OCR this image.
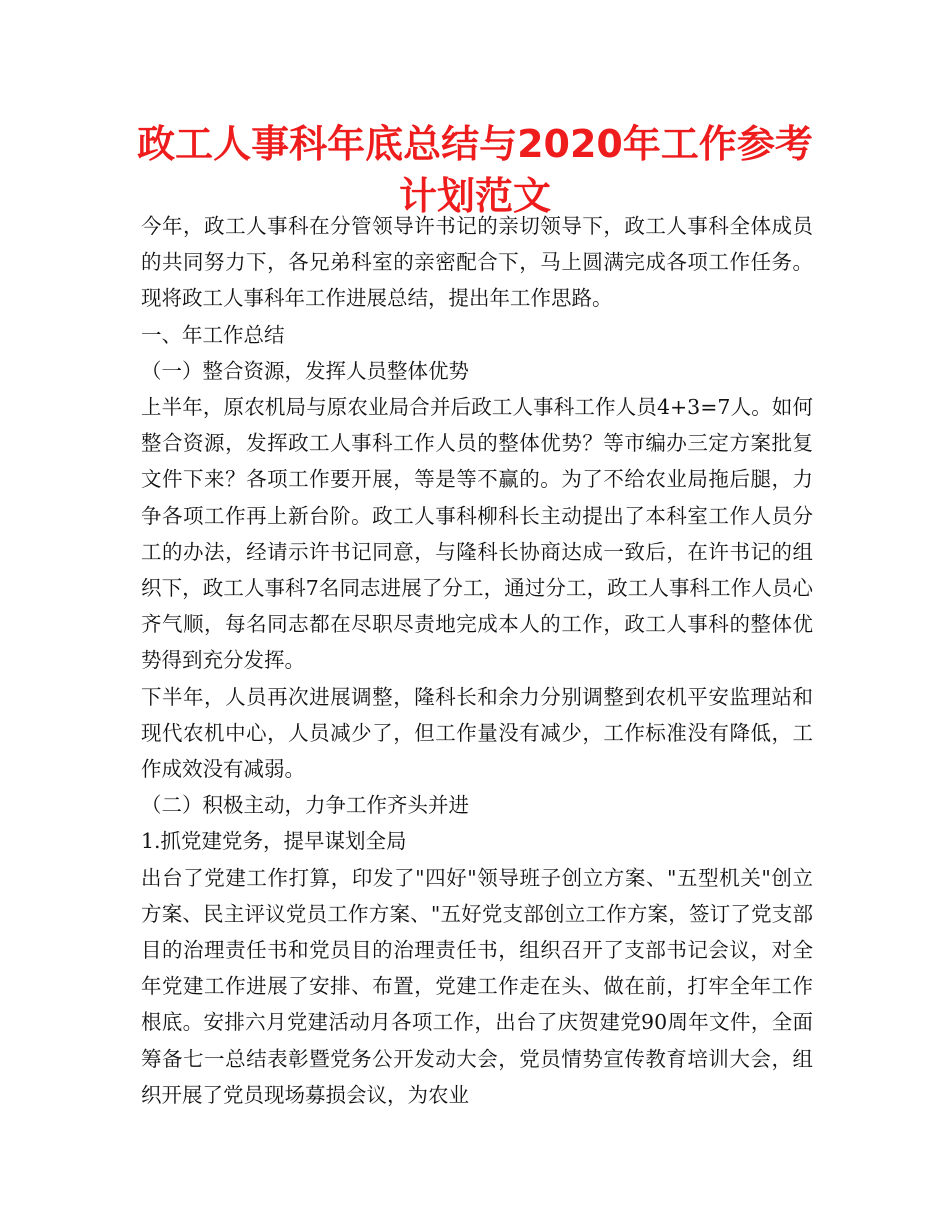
政工人事科年底总结与2020年工作参考计划范文

今年，政工人事科在分管领导许书记的亲切领导下，政工人事科全体成员的共同努力下，各兄弟科室的亲密配合下，马上圆满完成各项工作任务。现将政工人事科年工作进展总结，提出年工作思路。

一、年工作总结

（一）整合资源，发挥人员整体优势

上半年，原农机局与原农业局合并后政工人事科工作人员4+3=7人。如何整合资源，发挥政工人事科工作人员的整体优势？等市编办三定方案批复文件下来？各项工作要开展，等是等不赢的。为了不给农业局拖后腿，力争各项工作再上新台阶。政工人事科柳科长主动提出了本科室工作人员分工的办法，经请示许书记同意，与隆科长协商达成一致后，在许书记的组织下，政工人事科7名同志进展了分工，通过分工，政工人事科工作人员心齐气顺，每名同志都在尽职尽责地完成本人的工作，政工人事科的整体优势得到充分发挥。

下半年，人员再次进展调整，隆科长和余力分别调整到农机平安监理站和现代农机中心，人员减少了，但工作量没有减少，工作标准没有降低，工作成效没有减弱。

（二）积极主动，力争工作齐头并进

1.抓党建党务，提早谋划全局

出台了党建工作打算，印发了"四好"领导班子创立方案、"五型机关"创立方案、民主评议党员工作方案、"五好党支部创立工作方案，签订了党支部目的治理责任书和党员目的治理责任书，组织召开了支部书记会议，对全年党建工作进展了安排、布置，党建工作走在头、做在前，打牢全年工作根底。安排六月党建活动月各项工作，出台了庆贺建党90周年文件，全面筹备七一总结表彰暨党务公开发动大会，党员情势宣传教育培训大会，组织开展了党员现场募损会议，为农业
